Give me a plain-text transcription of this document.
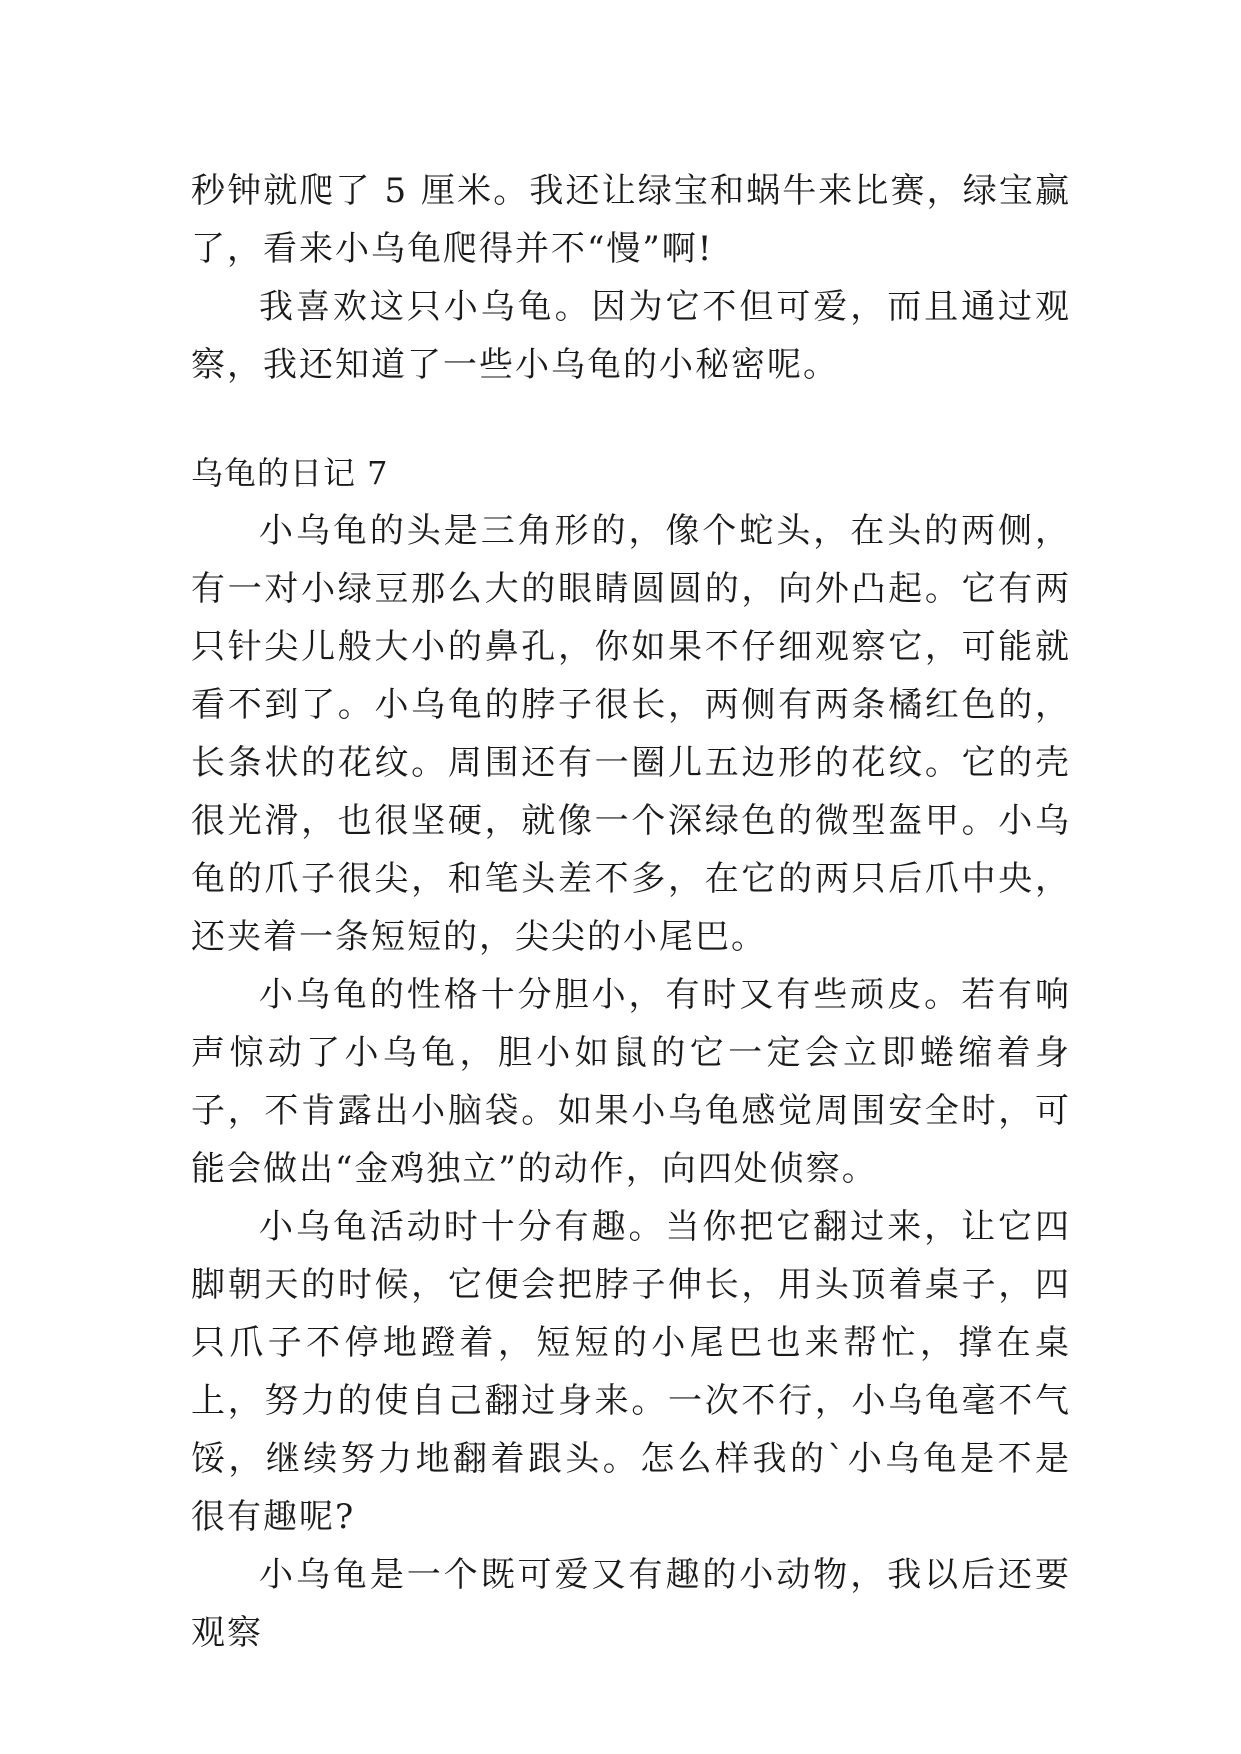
秒钟就爬了 5 厘米。我还让绿宝和蜗牛来比赛，绿宝赢了，看来小乌龟爬得并不“慢”啊!

我喜欢这只小乌龟。因为它不但可爱，而且通过观察，我还知道了一些小乌龟的小秘密呢。

乌龟的日记 7

小乌龟的头是三角形的，像个蛇头，在头的两侧，有一对小绿豆那么大的眼睛圆圆的，向外凸起。它有两只针尖儿般大小的鼻孔，你如果不仔细观察它，可能就看不到了。小乌龟的脖子很长，两侧有两条橘红色的，长条状的花纹。周围还有一圈儿五边形的花纹。它的壳很光滑，也很坚硬，就像一个深绿色的微型盔甲。小乌龟的爪子很尖，和笔头差不多，在它的两只后爪中央，还夹着一条短短的，尖尖的小尾巴。

小乌龟的性格十分胆小，有时又有些顽皮。若有响声惊动了小乌龟，胆小如鼠的它一定会立即蜷缩着身子，不肯露出小脑袋。如果小乌龟感觉周围安全时，可能会做出“金鸡独立”的动作，向四处侦察。

小乌龟活动时十分有趣。当你把它翻过来，让它四脚朝天的时候，它便会把脖子伸长，用头顶着桌子，四只爪子不停地蹬着，短短的小尾巴也来帮忙，撑在桌上，努力的使自己翻过身来。一次不行，小乌龟毫不气馁，继续努力地翻着跟头。怎么样我的`小乌龟是不是很有趣呢?

小乌龟是一个既可爱又有趣的小动物，我以后还要观察
